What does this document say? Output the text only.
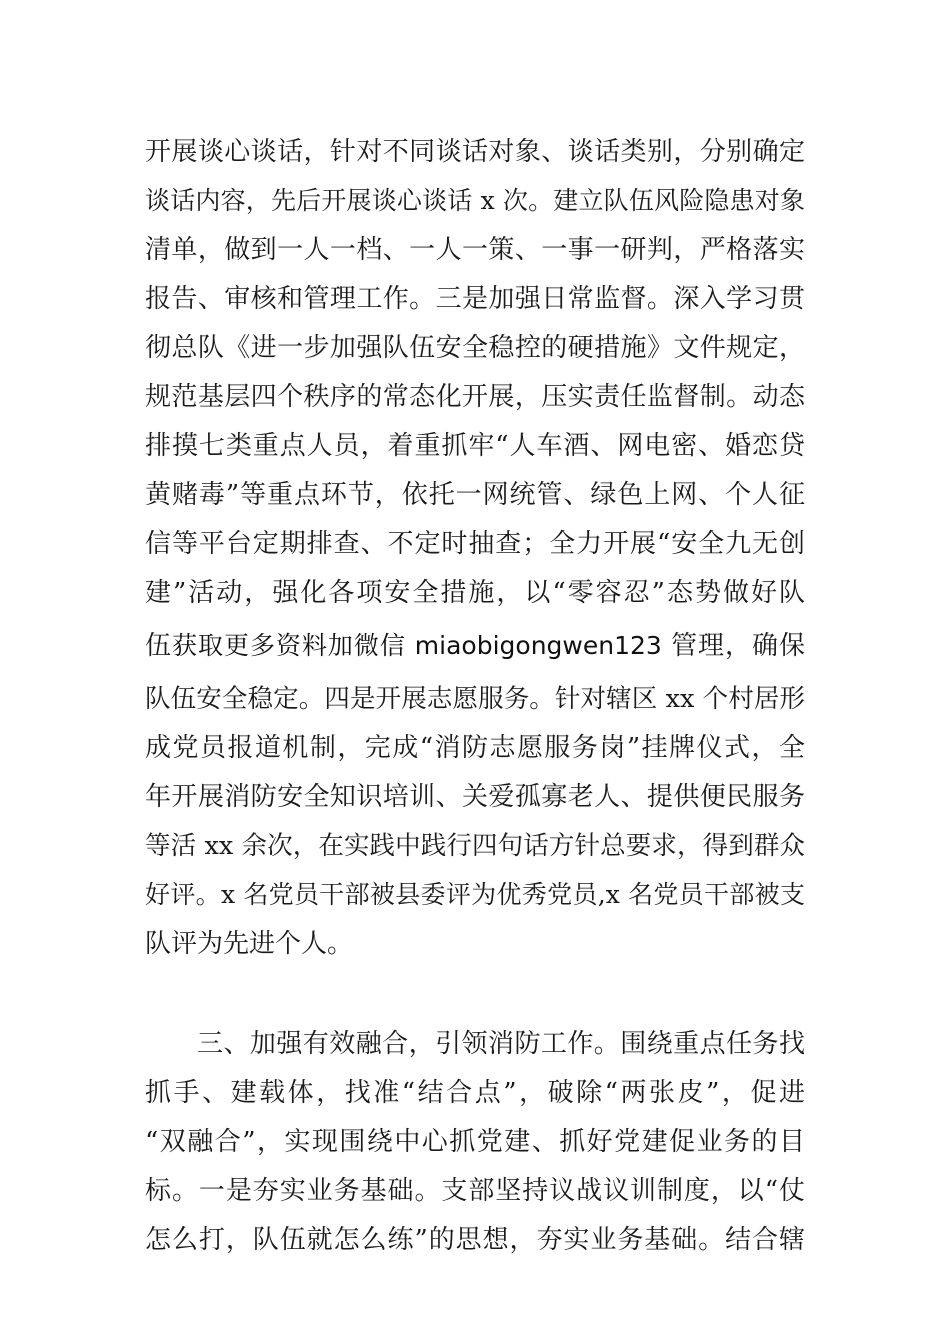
开展谈心谈话，针对不同谈话对象、谈话类别，分别确定
谈话内容，先后开展谈心谈话 x 次。建立队伍风险隐患对象
清单，做到一人一档、一人一策、一事一研判，严格落实
报告、审核和管理工作。三是加强日常监督。深入学习贯
彻总队《进一步加强队伍安全稳控的硬措施》文件规定，
规范基层四个秩序的常态化开展，压实责任监督制。动态
排摸七类重点人员，着重抓牢“人车酒、网电密、婚恋贷
黄赌毒”等重点环节，依托一网统管、绿色上网、个人征
信等平台定期排查、不定时抽查；全力开展“安全九无创
建”活动，强化各项安全措施，以“零容忍”态势做好队
伍获取更多资料加微信 miaobigongwen123 管理，确保
队伍安全稳定。四是开展志愿服务。针对辖区 xx 个村居形
成党员报道机制，完成“消防志愿服务岗”挂牌仪式，全
年开展消防安全知识培训、关爱孤寡老人、提供便民服务
等活 xx 余次，在实践中践行四句话方针总要求，得到群众
好评。x 名党员干部被县委评为优秀党员,x 名党员干部被支
队评为先进个人。
三、加强有效融合，引领消防工作。围绕重点任务找
抓手、建载体，找准“结合点”，破除“两张皮”，促进
“双融合”，实现围绕中心抓党建、抓好党建促业务的目
标。一是夯实业务基础。支部坚持议战议训制度，以“仗
怎么打，队伍就怎么练”的思想，夯实业务基础。结合辖
